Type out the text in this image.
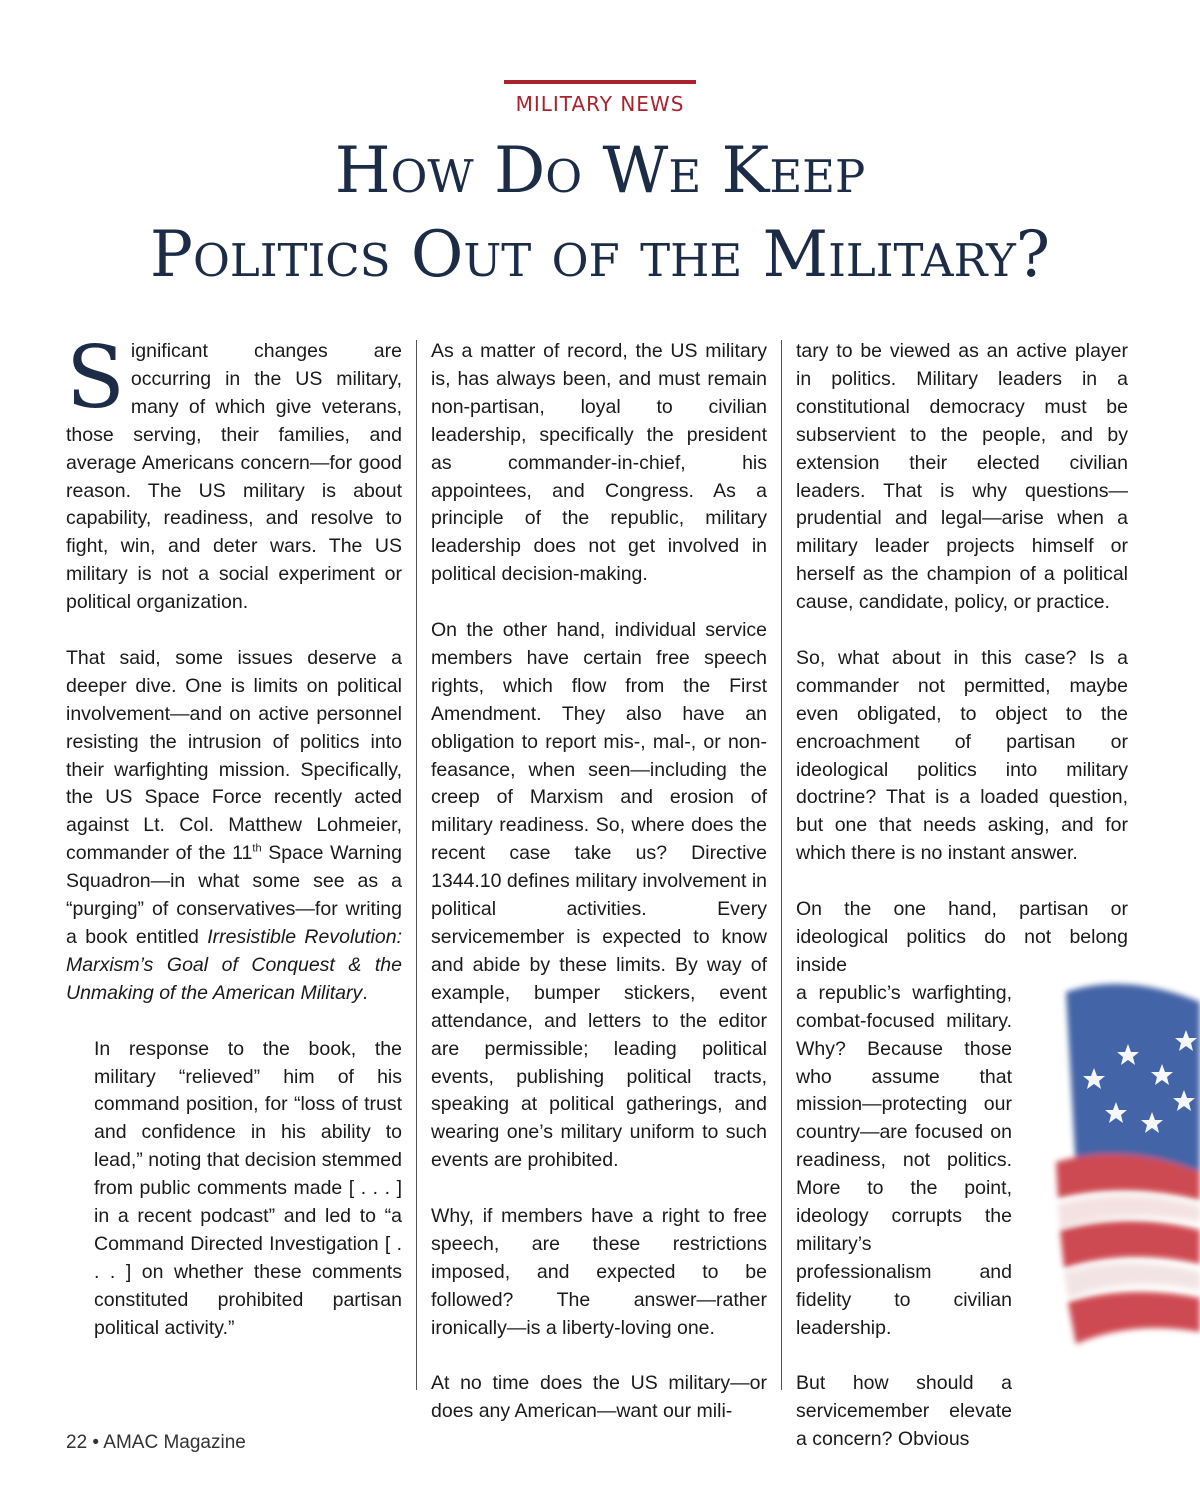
MILITARY NEWS
How Do We Keep
Politics Out of the Military?

Significant changes are occurring in the US military, many of which give veterans, those serving, their families, and average Americans concern—for good reason. The US military is about capability, readiness, and resolve to fight, win, and deter wars. The US military is not a social experiment or political organization.

That said, some issues deserve a deeper dive. One is limits on political involvement—and on active personnel resisting the intrusion of politics into their warfighting mission. Specifically, the US Space Force recently acted against Lt. Col. Matthew Lohmeier, commander of the 11th Space Warning Squadron—in what some see as a “purging” of conservatives—for writing a book entitled Irresistible Revolution: Marxism’s Goal of Conquest & the Unmaking of the American Military.

In response to the book, the military “relieved” him of his command position, for “loss of trust and confidence in his ability to lead,” noting that decision stemmed from public comments made [ . . . ] in a recent podcast” and led to “a Command Directed Investigation [ . . . ] on whether these comments constituted prohibited partisan political activity.”

As a matter of record, the US military is, has always been, and must remain non-partisan, loyal to civilian leadership, specifically the president as commander-in-chief, his appointees, and Congress. As a principle of the republic, military leadership does not get involved in political decision-making.

On the other hand, individual service members have certain free speech rights, which flow from the First Amendment. They also have an obligation to report mis-, mal-, or non-feasance, when seen—including the creep of Marxism and erosion of military readiness. So, where does the recent case take us? Directive 1344.10 defines military involvement in political activities. Every servicemember is expected to know and abide by these limits. By way of example, bumper stickers, event attendance, and letters to the editor are permissible; leading political events, publishing political tracts, speaking at political gatherings, and wearing one’s military uniform to such events are prohibited.

Why, if members have a right to free speech, are these restrictions imposed, and expected to be followed? The answer—rather ironically—is a liberty-loving one.

At no time does the US military—or does any American—want our mili-

tary to be viewed as an active player in politics. Military leaders in a constitutional democracy must be subservient to the people, and by extension their elected civilian leaders. That is why questions—prudential and legal—arise when a military leader projects himself or herself as the champion of a political cause, candidate, policy, or practice.

So, what about in this case? Is a commander not permitted, maybe even obligated, to object to the encroachment of partisan or ideological politics into military doctrine? That is a loaded question, but one that needs asking, and for which there is no instant answer.

On the one hand, partisan or ideological politics do not belong inside

a republic’s warfighting, combat-focused military. Why? Because those who assume that mission—protecting our country—are focused on readiness, not politics. More to the point, ideology corrupts the military’s professionalism and fidelity to civilian leadership.

But how should a servicemember elevate a concern? Obvious

22 • AMAC Magazine
